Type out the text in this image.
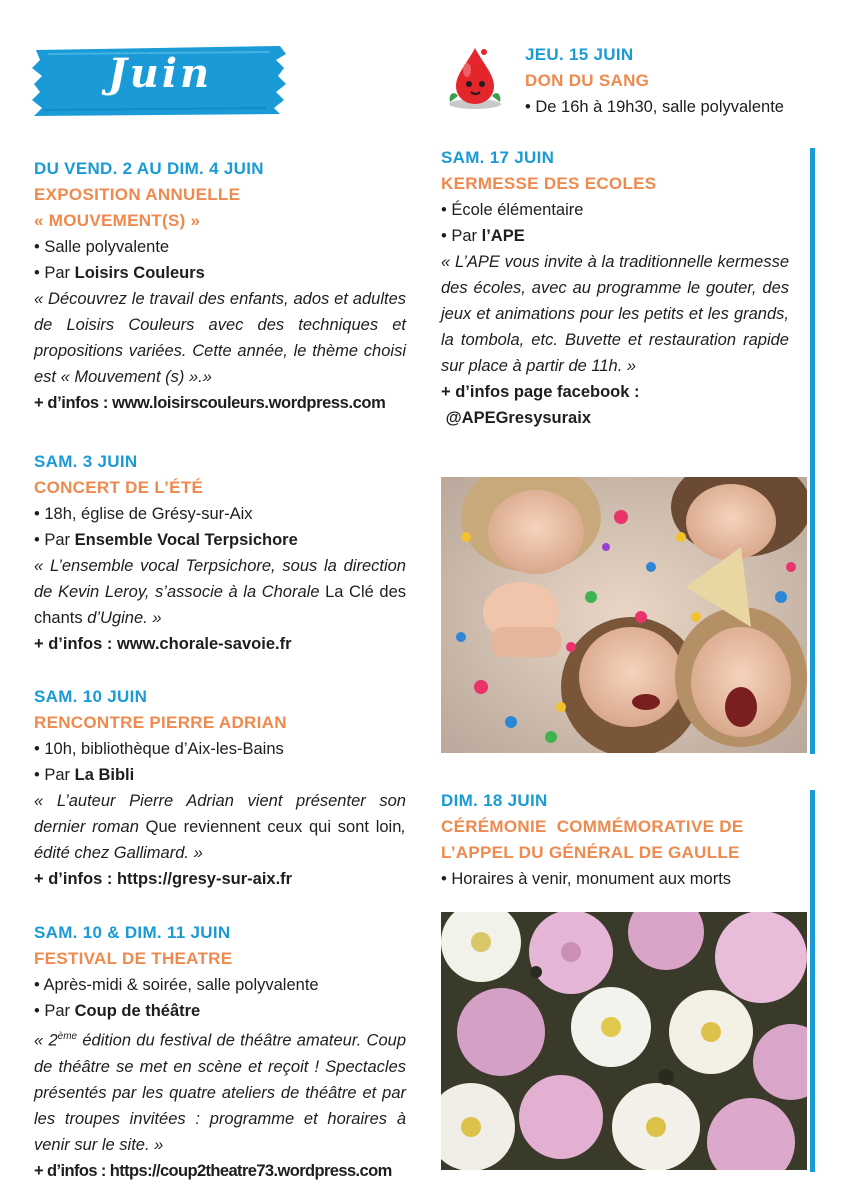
Juin
DU VEND. 2 AU DIM. 4 JUIN
EXPOSITION ANNUELLE
« MOUVEMENT(S) »
• Salle polyvalente
• Par Loisirs Couleurs
« Découvrez le travail des enfants, ados et adultes de Loisirs Couleurs avec des techniques et propositions variées. Cette année, le thème choisi est « Mouvement (s) ».»
+ d’infos : www.loisirscouleurs.wordpress.com
SAM. 3 JUIN
CONCERT DE L’ÉTÉ
• 18h, église de Grésy-sur-Aix
• Par Ensemble Vocal Terpsichore
« L’ensemble vocal Terpsichore, sous la direction de Kevin Leroy, s’associe à la Chorale La Clé des chants d’Ugine. »
+ d’infos : www.chorale-savoie.fr
SAM. 10 JUIN
RENCONTRE PIERRE ADRIAN
• 10h, bibliothèque d’Aix-les-Bains
• Par La Bibli
« L’auteur Pierre Adrian vient présenter son dernier roman Que reviennent ceux qui sont loin, édité chez Gallimard. »
+ d’infos : https://gresy-sur-aix.fr
SAM. 10 & DIM. 11 JUIN
FESTIVAL DE THEATRE
• Après-midi & soirée, salle polyvalente
• Par Coup de théâtre
« 2ème édition du festival de théâtre amateur. Coup de théâtre se met en scène et reçoit ! Spectacles présentés par les quatre ateliers de théâtre et par les troupes invitées : programme et horaires à venir sur le site. »
+ d’infos : https://coup2theatre73.wordpress.com
JEU. 15 JUIN
DON DU SANG
• De 16h à 19h30, salle polyvalente
SAM. 17 JUIN
KERMESSE DES ECOLES
• École élémentaire
• Par l’APE
« L’APE vous invite à la traditionnelle kermesse des écoles, avec au programme le gouter, des jeux et animations pour les petits et les grands, la tombola, etc. Buvette et restauration rapide sur place à partir de 11h. »
+ d’infos page facebook :
@APEGresysuraix
DIM. 18 JUIN
CÉRÉMONIE  COMMÉMORATIVE DE
L’APPEL DU GÉNÉRAL DE GAULLE
• Horaires à venir, monument aux morts
